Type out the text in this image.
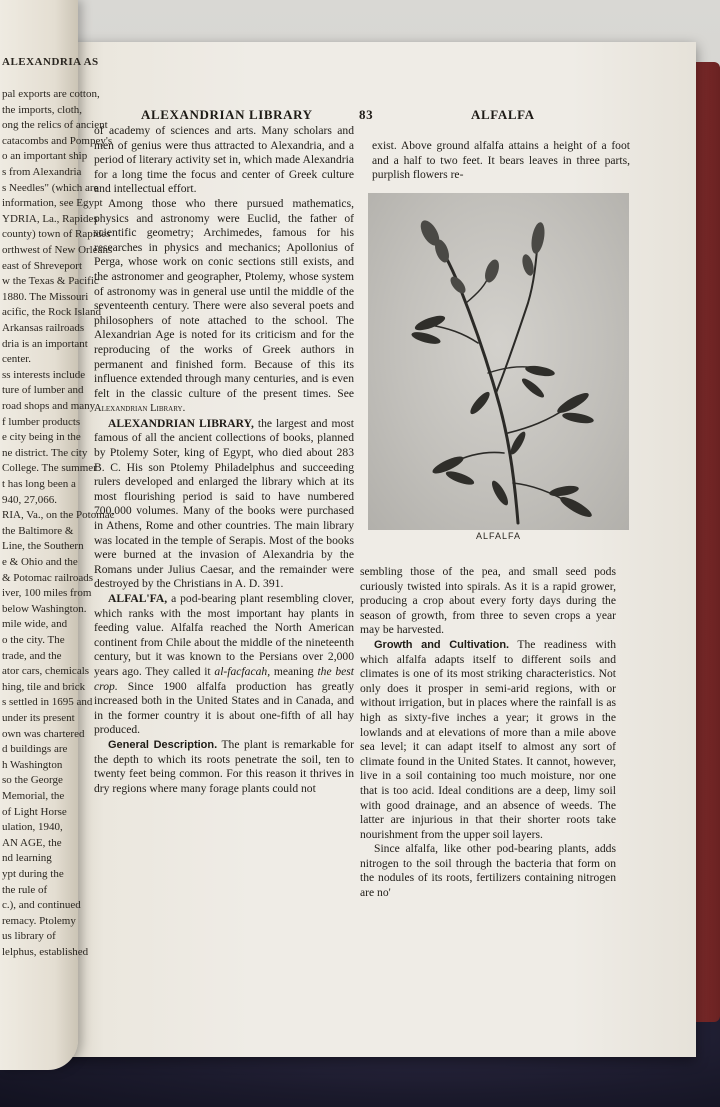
ALEXANDRIA AS
pal exports are cotton,
the imports, cloth,
ong the relics of ancient
catacombs and Pompey's
o an important ship
s from Alexandria
s Needles" (which are
information, see Egypt
YDRIA, La., Rapides
county) town of Rapides
orthwest of New Orleans
east of Shreveport
w the Texas & Pacific
1880. The Missouri
acific, the Rock Island
Arkansas railroads
dria is an important
center.
ss interests include
ture of lumber and
road shops and many
f lumber products
e city being in the
ne district. The city
College. The summer
t has long been a
940, 27,066.
RIA, Va., on the Potomac
the Baltimore &
Line, the Southern
e & Ohio and the
& Potomac railroads
iver, 100 miles from
below Washington.
mile wide, and
o the city. The
trade, and the
ator cars, chemicals
hing, tile and brick
s settled in 1695 and
under its present
own was chartered
d buildings are
h Washington
so the George
Memorial, the
of Light Horse
ulation, 1940,
AN AGE, the
nd learning
ypt during the
the rule of
c.), and continued
remacy. Ptolemy
us library of
lelphus, established
ALEXANDRIAN LIBRARY	83	ALFALFA

of academy of sciences and arts. Many scholars and men of genius were thus attracted to Alexandria, and a period of literary activity set in, which made Alexandria for a long time the focus and center of Greek culture and intellectual effort.

Among those who there pursued mathematics, physics and astronomy were Euclid, the father of scientific geometry; Archimedes, famous for his researches in physics and mechanics; Apollonius of Perga, whose work on conic sections still exists, and the astronomer and geographer, Ptolemy, whose system of astronomy was in general use until the middle of the seventeenth century. There were also several poets and philosophers of note attached to the school. The Alexandrian Age is noted for its criticism and for the reproducing of the works of Greek authors in permanent and finished form. Because of this its influence extended through many centuries, and is even felt in the classic culture of the present times. See Alexandrian Library.

ALEXANDRIAN LIBRARY, the largest and most famous of all the ancient collections of books, planned by Ptolemy Soter, king of Egypt, who died about 283 B. C. His son Ptolemy Philadelphus and succeeding rulers developed and enlarged the library which at its most flourishing period is said to have numbered 700,000 volumes. Many of the books were purchased in Athens, Rome and other countries. The main library was located in the temple of Serapis. Most of the books were burned at the invasion of Alexandria by the Romans under Julius Caesar, and the remainder were destroyed by the Christians in A. D. 391.

ALFAL'FA, a pod-bearing plant resembling clover, which ranks with the most important hay plants in feeding value. Alfalfa reached the North American continent from Chile about the middle of the nineteenth century, but it was known to the Persians over 2,000 years ago. They called it al-facfacah, meaning the best crop. Since 1900 alfalfa production has greatly increased both in the United States and in Canada, and in the former country it is about one-fifth of all hay produced.

General Description. The plant is remarkable for the depth to which its roots penetrate the soil, ten to twenty feet being common. For this reason it thrives in dry regions where many forage plants could not

exist. Above ground alfalfa attains a height of a foot and a half to two feet. It bears leaves in three parts, purplish flowers re-

ALFALFA

sembling those of the pea, and small seed pods curiously twisted into spirals. As it is a rapid grower, producing a crop about every forty days during the season of growth, from three to seven crops a year may be harvested.

Growth and Cultivation. The readiness with which alfalfa adapts itself to different soils and climates is one of its most striking characteristics. Not only does it prosper in semi-arid regions, with or without irrigation, but in places where the rainfall is as high as sixty-five inches a year; it grows in the lowlands and at elevations of more than a mile above sea level; it can adapt itself to almost any sort of climate found in the United States. It cannot, however, live in a soil containing too much moisture, nor one that is too acid. Ideal conditions are a deep, limy soil with good drainage, and an absence of weeds. The latter are injurious in that their shorter roots take nourishment from the upper soil layers.

Since alfalfa, like other pod-bearing plants, adds nitrogen to the soil through the bacteria that form on the nodules of its roots, fertilizers containing nitrogen are no'
